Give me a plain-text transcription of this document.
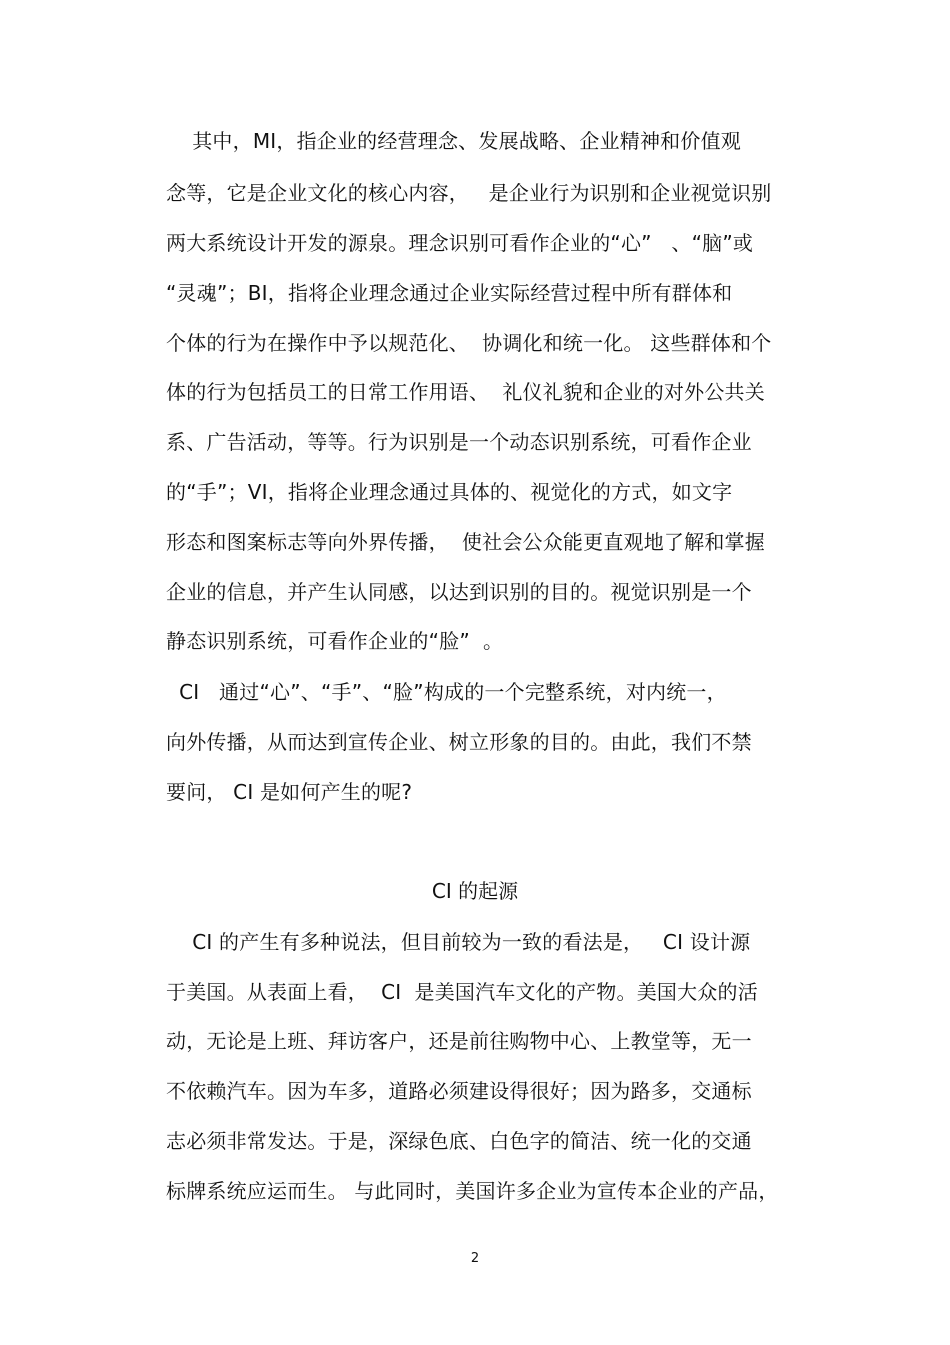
其中，MI，指企业的经营理念、发展战略、企业精神和价值观
念等，它是企业文化的核心内容，   是企业行为识别和企业视觉识别
两大系统设计开发的源泉。理念识别可看作企业的“心”   、“脑”或
“灵魂”；BI，指将企业理念通过企业实际经营过程中所有群体和
个体的行为在操作中予以规范化、  协调化和统一化。 这些群体和个
体的行为包括员工的日常工作用语、  礼仪礼貌和企业的对外公共关
系、广告活动，等等。行为识别是一个动态识别系统，可看作企业
的“手”；VI，指将企业理念通过具体的、视觉化的方式，如文字
形态和图案标志等向外界传播，  使社会公众能更直观地了解和掌握
企业的信息，并产生认同感，以达到识别的目的。视觉识别是一个
静态识别系统，可看作企业的“脸”  。
CI   通过“心”、“手”、“脸”构成的一个完整系统，对内统一，
向外传播，从而达到宣传企业、树立形象的目的。由此，我们不禁
要问， CI 是如何产生的呢?
CI 的起源
CI 的产生有多种说法，但目前较为一致的看法是，   CI 设计源
于美国。从表面上看，  CI  是美国汽车文化的产物。美国大众的活
动，无论是上班、拜访客户，还是前往购物中心、上教堂等，无一
不依赖汽车。因为车多，道路必须建设得很好；因为路多，交通标
志必须非常发达。于是，深绿色底、白色字的简洁、统一化的交通
标牌系统应运而生。 与此同时，美国许多企业为宣传本企业的产品，
2
